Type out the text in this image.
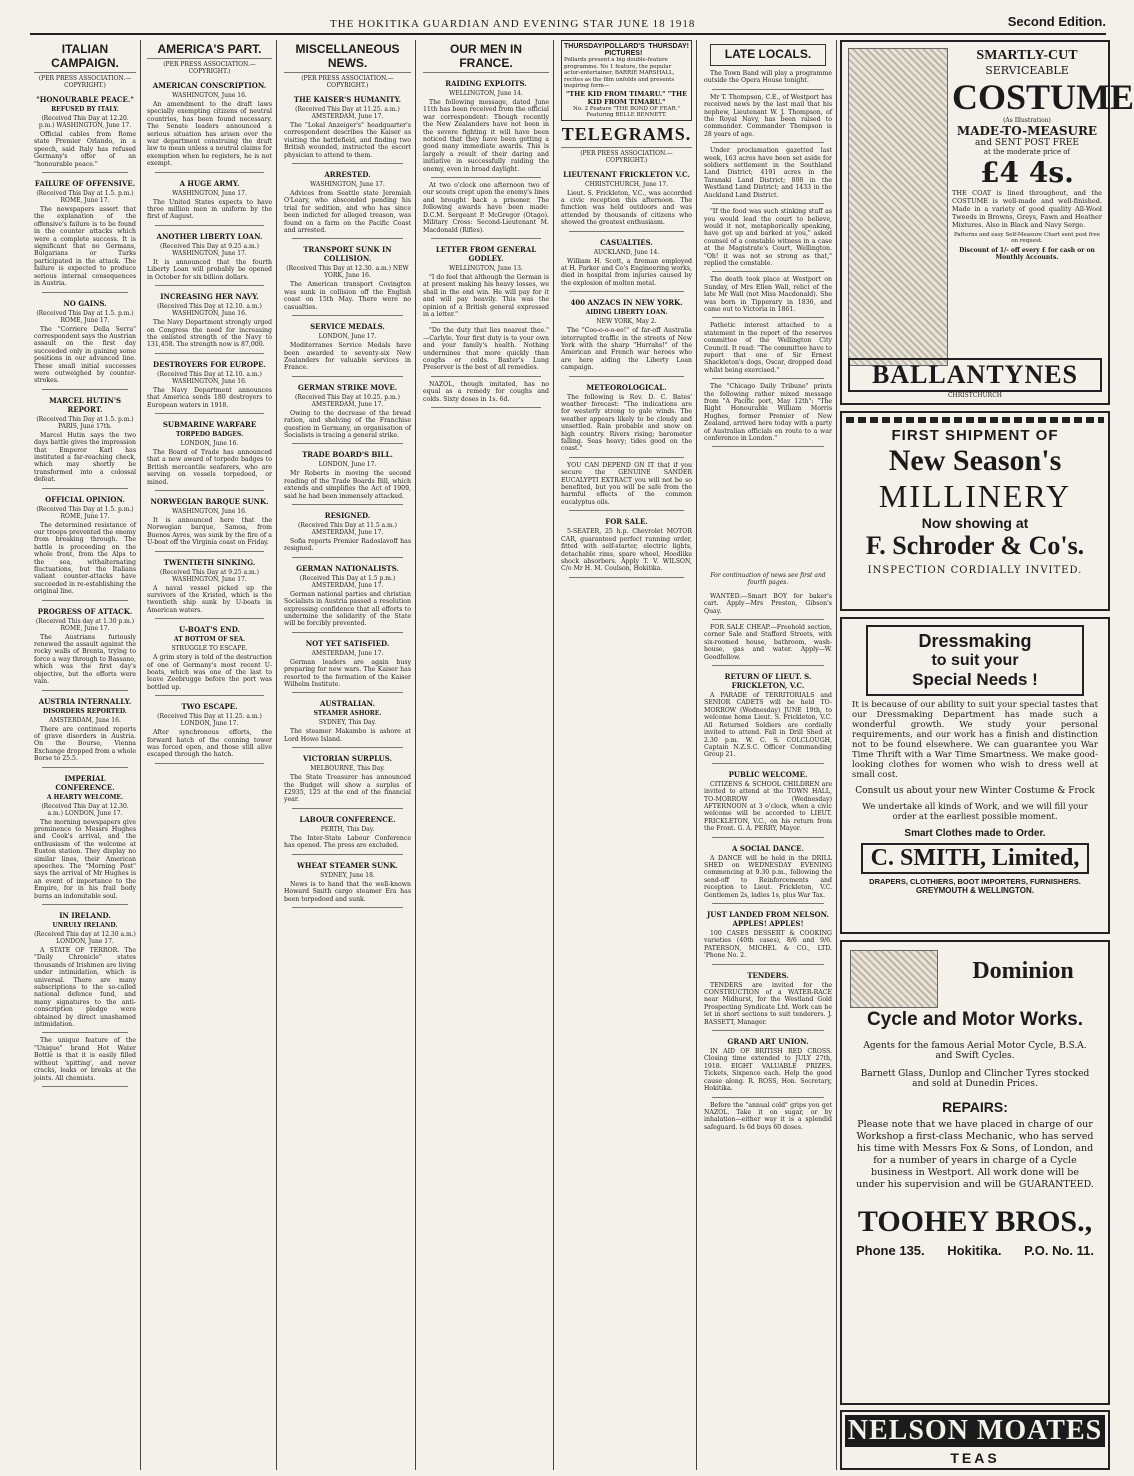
THE HOKITIKA GUARDIAN AND EVENING STAR JUNE 18 1918	Second Edition.
ITALIAN CAMPAIGN.
(PER PRESS ASSOCIATION.—COPYRIGHT.)
"HONOURABLE PEACE."
REFUSED BY ITALY.
(Received This Day at 12.20. p.m.) WASHINGTON, June 17.

Official cables from Rome state Premier Orlando, in a speech, said Italy has refused Germany's offer of an "honourable peace."

FAILURE OF OFFENSIVE.
(Received This Day at 1.5. p.m.) ROME, June 17.

The newspapers assert that the explanation of the offensive's failure is to be found in the counter attacks which were a complete success. It is significant that no Germans, Bulgarians or Turks participated in the attack. The failure is expected to produce serious internal consequences in Austria.

NO GAINS.
(Received This Day at 1.5. p.m.) ROME, June 17.

The "Corriere Della Serra" correspondent says the Austrian assault on the first day succeeded only in gaining some positions in our advanced line. These small initial successes were outweighed by counter-strokes.

MARCEL HUTIN'S REPORT.
(Received This Day at 1.5. p.m.) PARIS, June 17th.

Marcel Hutin says the two days battle gives the impression that Emperor Karl has instituted a far-reaching check, which may shortly be transformed into a colossal defeat.

OFFICIAL OPINION.
(Received This Day at 1.5. p.m.) ROME, June 17.

The determined resistance of our troops prevented the enemy from breaking through. The battle is proceeding on the whole front, from the Alps to the sea, withalternating fluctuations, but the Italians valiant counter-attacks have succeeded in re-establishing the original line.

PROGRESS OF ATTACK.
(Received This day at 1.30 p.m.) ROME, June 17.

The Austrians furiously renewed the assault against the rocky walls of Brenta, trying to force a way through to Bassano, which was the first day's objective, but the efforts were vain.

AUSTRIA INTERNALLY.
DISORDERS REPORTED.
AMSTERDAM, June 16.

There are continued reports of grave disorders in Austria. On the Bourse, Vienna Exchange dropped from a whole Borse to 25.5.

IMPERIAL CONFERENCE.
A HEARTY WELCOME.
(Received This Day at 12.30. a.m.) LONDON, June 17.

The morning newspapers give prominence to Messrs Hughes and Cook's arrival, and the enthusiasm of the welcome at Euston station. They display no similar lines, their American speeches. The "Morning Post" says the arrival of Mr Hughes is an event of importance to the Empire, for in his frail body burns an indomitable soul.

IN IRELAND.
UNRULY IRELAND.
(Received This day at 12.30 a.m.) LONDON, June 17.

A STATE OF TERROR. The "Daily Chronicle" states thousands of Irishmen are living under intimidation, which is universal. There are many subscriptions to the so-called national defence fund, and many signatures to the anti-conscription pledge were obtained by direct unashamed intimidation.

The unique feature of the "Unique" brand Hot Water Bottle is that it is easily filled without 'spitting', and never cracks, leaks or breaks at the joints. All chemists.

AMERICA'S PART.
(PER PRESS ASSOCIATION.—COPYRIGHT.)
AMERICAN CONSCRIPTION.
WASHINGTON, June 16.

An amendment to the draft laws specially exempting citizens of neutral countries, has been found necessary. The Senate leaders announced a serious situation has arisen over the war department construing the draft law to mean unless a neutral claims for exemption when he registers, he is not exempt.

A HUGE ARMY.
WASHINGTON, June 17.

The United States expects to have three million men in uniform by the first of August.

ANOTHER LIBERTY LOAN.
(Received This Day at 9.25 a.m.) WASHINGTON, June 17.

It is announced that the fourth Liberty Loan will probably be opened in October for six billion dollars.

INCREASING HER NAVY.
(Received This Day at 12.10. a.m.) WASHINGTON, June 16.

The Navy Department strongly urged on Congress the need for increasing the enlisted strength of the Navy to 131,458. The strength now is 87,000.

DESTROYERS FOR EUROPE.
(Received This Day at 12.10. a.m.) WASHINGTON, June 16.

The Navy Department announces that America sends 180 destroyers to European waters in 1918.

SUBMARINE WARFARE
TORPEDO BADGES.
LONDON, June 16.

The Board of Trade has announced that a new award of torpedo badges to British mercantile seafarers, who are serving on vessels torpedoed, or mined.

NORWEGIAN BARQUE SUNK.
WASHINGTON, June 16.

It is announced here that the Norwegian barque, Samoa, from Buenos Ayres, was sunk by the fire of a U-boat off the Virginia coast on Friday.

TWENTIETH SINKING.
(Received This Day at 9.25 a.m.) WASHINGTON, June 17.

A naval vessel picked up the survivors of the Kristed, which is the twentieth ship sunk by U-boats in American waters.

U-BOAT'S END.
AT BOTTOM OF SEA.
STRUGGLE TO ESCAPE.

A grim story is told of the destruction of one of Germany's most recent U-boats, which was one of the last to leave Zeebrugge before the port was bottled up.

TWO ESCAPE.
(Received This Day at 11.25. a.m.) LONDON, June 17.

After synchronous efforts, the forward hatch of the conning tower was forced open, and those still alive escaped through the hatch.

MISCELLANEOUS NEWS.
(PER PRESS ASSOCIATION.—COPYRIGHT.)
THE KAISER'S HUMANITY.
(Received This Day at 11.25. a.m.) AMSTERDAM, June 17.

The "Lokal Anzeiger's" headquarter's correspondent describes the Kaiser as visiting the battlefield, and finding two British wounded, instructed the escort physician to attend to them.

ARRESTED.
WASHINGTON, June 17.

Advices from Seattle state Jeremiah O'Leary, who absconded pending his trial for sedition, and who has since been indicted for alleged treason, was found on a farm on the Pacific Coast and arrested.

TRANSPORT SUNK IN COLLISION.
(Received This Day at 12.30. a.m.) NEW YORK, June 16.

The American transport Covington was sunk in collision off the English coast on 15th May. There were no casualties.

SERVICE MEDALS.
LONDON, June 17.

Mediterranes Service Medals have been awarded to seventy-six New Zealanders for valuable services in France.

GERMAN STRIKE MOVE.
(Received This Day at 10.25. p.m.) AMSTERDAM, June 17.

Owing to the decrease of the bread ration, and shelving of the Franchise question in Germany, an organisation of Socialists is tracing a general strike.

TRADE BOARD'S BILL.
LONDON, June 17.

Mr Roberts in moving the second reading of the Trade Boards Bill, which extends and simplifies the Act of 1909, said he had been immensely attacked.

RESIGNED.
(Received This Day at 11.5 a.m.) AMSTERDAM, June 17.

Sofia reports Premier Radoslavoff has resigned.

GERMAN NATIONALISTS.
(Received This Day at 1.5 p.m.) AMSTERDAM, June 17.

German national parties and christian Socialists in Austria passed a resolution expressing confidence that all efforts to undermine the solidarity of the State will be forcibly prevented.

NOT YET SATISFIED.
AMSTERDAM, June 17.

German leaders are again busy preparing for new wars. The Kaiser has resorted to the formation of the Kaiser Wilhelm Institute.

AUSTRALIAN.
STEAMER ASHORE.
SYDNEY, This Day.

The steamer Makambo is ashore at Lord Howe Island.

VICTORIAN SURPLUS.
MELBOURNE, This Day.

The State Treasurer has announced the Budget will show a surplus of £2935, 125 at the end of the financial year.

LABOUR CONFERENCE.
PERTH, This Day.

The Inter-State Labour Conference has opened. The press are excluded.

WHEAT STEAMER SUNK.
SYDNEY, June 18.

News is to hand that the well-known Howard Smith cargo steamer Era has been torpedoed and sunk.

OUR MEN IN FRANCE.
RAIDING EXPLOITS.
WELLINGTON, June 14.

The following message, dated June 11th has been received from the official war correspondent: Though recently the New Zealanders have not been in the severe fighting it will have been noticed that they have been getting a good many immediate awards. This is largely a result of their daring and initiative in successfully raiding the enemy, even in broad daylight.

At two o'clock one afternoon two of our scouts crept upon the enemy's lines and brought back a prisoner. The following awards have been made: D.C.M. Sergeant P. McGregor (Otago). Military Cross: Second-Lieutenant M. Macdonald (Rifles).

LETTER FROM GENERAL GODLEY.
WELLINGTON, June 13.

"I do feel that although the German is at present making his heavy losses, we shall in the end win. He will pay for it and will pay heavily. This was the opinion of a British general expressed in a letter."

"Do the duty that lies nearest thee." —Carlyle. Your first duty is to your own and your family's health. Nothing undermines that more quickly than coughs or colds. Baxter's Lung Preserver is the best of all remedies.

NAZOL, though imitated, has no equal as a remedy for coughs and colds. Sixty doses in 1s. 6d.

THURSDAY! POLLARD'S PICTURES!
THURSDAY!
Pollards present a big double-feature programme. No 1 feature, the popular actor-entertainer, BARRIE MARSHALL, recites as the film unfolds and presents inspiring form—
"THE KID FROM TIMARU." "THE KID FROM TIMARU."
No. 2 Feature "THE BOND OF FEAR." Featuring BELLE BENNETT.
TELEGRAMS.
(PER PRESS ASSOCIATION.—COPYRIGHT.)
LIEUTENANT FRICKLETON V.C.
CHRISTCHURCH, June 17.

Lieut. S. Frickleton, V.C., was accorded a civic reception this afternoon. The function was held outdoors and was attended by thousands of citizens who showed the greatest enthusiasm.

CASUALTIES.
AUCKLAND, June 14.

William H. Scott, a fireman employed at H. Parker and Co's Engineering works, died in hospital from injuries caused by the explosion of molten metal.

400 ANZACS IN NEW YORK.
AIDING LIBERTY LOAN.
NEW YORK, May 2.

The "Coo-o-o-o-ee!" of far-off Australia interrupted traffic in the streets of New York with the sharp "Hurrahs!" of the American and French war heroes who are here aiding the Liberty Loan campaign.

METEOROLOGICAL.

The following is Rev. D. C. Bates' weather forecast: "The indications are for westerly strong to gale winds. The weather appears likely to be cloudy and unsettled. Rain probable and snow on high country. Rivers rising; barometer falling. Seas heavy; tides good on the coast."

YOU CAN DEPEND ON IT that if you secure the GENUINE SANDER EUCALYPTI EXTRACT you will not be so benefited, but you will be safe from the harmful effects of the common eucalyptus oils.

FOR SALE.

5-SEATER, 25 h.p. Chevrolet MOTOR CAR, guaranteed perfect running order, fitted with self-starter, electric lights, detachable rims, spare wheel, Hoodlike shock absorbers. Apply T. V. WILSON, C/o Mr H. M. Coulson, Hokitika.

LATE LOCALS.

The Town Band will play a programme outside the Opera House tonight.

Mr T. Thompson, C.E., of Westport has received news by the last mail that his nephew, Lieutenant W. J. Thompson, of the Royal Navy, has been raised to commander. Commander Thompson is 28 years of age.

Under proclamation gazetted last week, 163 acres have been set aside for soldiers settlement in the Southland Land District; 4191 acres in the Taranaki Land District; 808 in the Westland Land District; and 1433 in the Auckland Land District.

"If the food was such stinking stuff as you would lead the court to believe, would it not, metaphorically speaking, have got up and barked at you," asked counsel of a constable witness in a case at the Magistrate's Court, Wellington. "Oh! it was not so strong as that," replied the constable.

The death took place at Westport on Sunday, of Mrs Ellen Wall, relict of the late Mr Wall (not Miss Macdonald). She was born in Tipperary in 1836, and came out to Victoria in 1861.

Pathetic interest attached to a statement in the report of the reserves committee of the Wellington City Council. It read: "The committee have to report that one of Sir Ernest Shackleton's dogs, Oscar, dropped dead whilst being exercised."

The "Chicago Daily Tribune" prints the following rather mixed message from "A Pacific port, May 12th": "The Right Honourable William Morris Hughes, former Premier of New Zealand, arrived here today with a party of Australian officials en route to a war conference in London."

For continuation of news see first and fourth pages.

WANTED.—Smart BOY for baker's cart. Apply—Mrs Preston, Gibson's Quay.

FOR SALE CHEAP.—Freehold section, corner Sale and Stafford Streets, with six-roomed house, bathroom, wash-house, gas and water. Apply—W. Goodfellow.

RETURN OF LIEUT. S. FRICKLETON, V.C.

A PARADE of TERRITORIALS and SENIOR CADETS will be held TO-MORROW (Wednesday) JUNE 19th, to welcome home Lieut. S. Frickleton, V.C. All Returned Soldiers are cordially invited to attend. Fall in Drill Shed at 2.30 p.m. W. C. S. COLCLOUGH, Captain N.Z.S.C. Officer Commanding Group 21.

PUBLIC WELCOME.

CITIZENS & SCHOOL CHILDREN are invited to attend at the TOWN HALL, TO-MORROW (Wednesday) AFTERNOON at 3 o'clock, when a civic welcome will be accorded to LIEUT. FRICKLETON, V.C., on his return from the Front. G. A. PERRY, Mayor.

A SOCIAL DANCE.

A DANCE will be held in the DRILL SHED on WEDNESDAY EVENING commencing at 9.30 p.m., following the send-off to Reinforcements and reception to Lieut. Frickleton, V.C. Gentlemen 2s, ladies 1s, plus War Tax.

JUST LANDED FROM NELSON. APPLES! APPLES!

100 CASES DESSERT & COOKING varieties (40th cases), 8/6 and 9/6. PATERSON, MICHEL & CO., LTD. 'Phone No. 2.

TENDERS.

TENDERS are invited for the CONSTRUCTION of a WATER-RACE near Midhurst, for the Westland Gold Prospecting Syndicate Ltd. Work can be let in short sections to suit tenderers. J. BASSETT, Manager.

GRAND ART UNION.

IN AID OF BRITISH RED CROSS. Closing time extended to JULY 27th, 1918. EIGHT VALUABLE PRIZES. Tickets, Sixpence each. Help the good cause along. R. ROSS, Hon. Secretary, Hokitika.

Before the "annual cold" grips you get NAZOL. Take it on sugar, or by inhalation—either way it is a splendid safeguard. Is 6d buys 60 doses.

SMARTLY-CUT
SERVICEABLE
COSTUME
(As Illustration)
MADE-TO-MEASURE
and SENT POST FREE
at the moderate price of
£4 4s.
THE COAT is lined throughout, and the COSTUME is well-made and well-finished. Made in a variety of good quality All-Wool Tweeds in Browns, Greys, Fawn and Heather Mixtures. Also in Black and Navy Serge.
Patterns and easy Self-Measure Chart sent post free on request.
Discount of 1/- off every £ for cash or on Monthly Accounts.
BALLANTYNES
CHRISTCHURCH
FIRST SHIPMENT OF
New Season's
MILLINERY
Now showing at
F. Schroder & Co's.
INSPECTION CORDIALLY INVITED.
Dressmaking
to suit your
Special Needs !
It is because of our ability to suit your special tastes that our Dressmaking Department has made such a wonderful growth. We study your personal requirements, and our work has a finish and distinction not to be found elsewhere. We can guarantee you War Time Thrift with a War Time Smartness. We make good-looking clothes for women who wish to dress well at small cost.
Consult us about your new Winter Costume & Frock
We undertake all kinds of Work, and we will fill your order at the earliest possible moment.
Smart Clothes made to Order.
C. SMITH, Limited,
DRAPERS, CLOTHIERS, BOOT IMPORTERS, FURNISHERS.
GREYMOUTH & WELLINGTON.
Dominion
Cycle and Motor Works.
Agents for the famous Aerial Motor Cycle, B.S.A. and Swift Cycles.
Barnett Glass, Dunlop and Clincher Tyres stocked and sold at Dunedin Prices.
REPAIRS:
Please note that we have placed in charge of our Workshop a first-class Mechanic, who has served his time with Messrs Fox & Sons, of London, and for a number of years in charge of a Cycle business in Westport. All work done will be under his supervision and will be GUARANTEED.
TOOHEY BROS.,
Phone 135. Hokitika. P.O. No. 11.
NELSON MOATES
TEAS
